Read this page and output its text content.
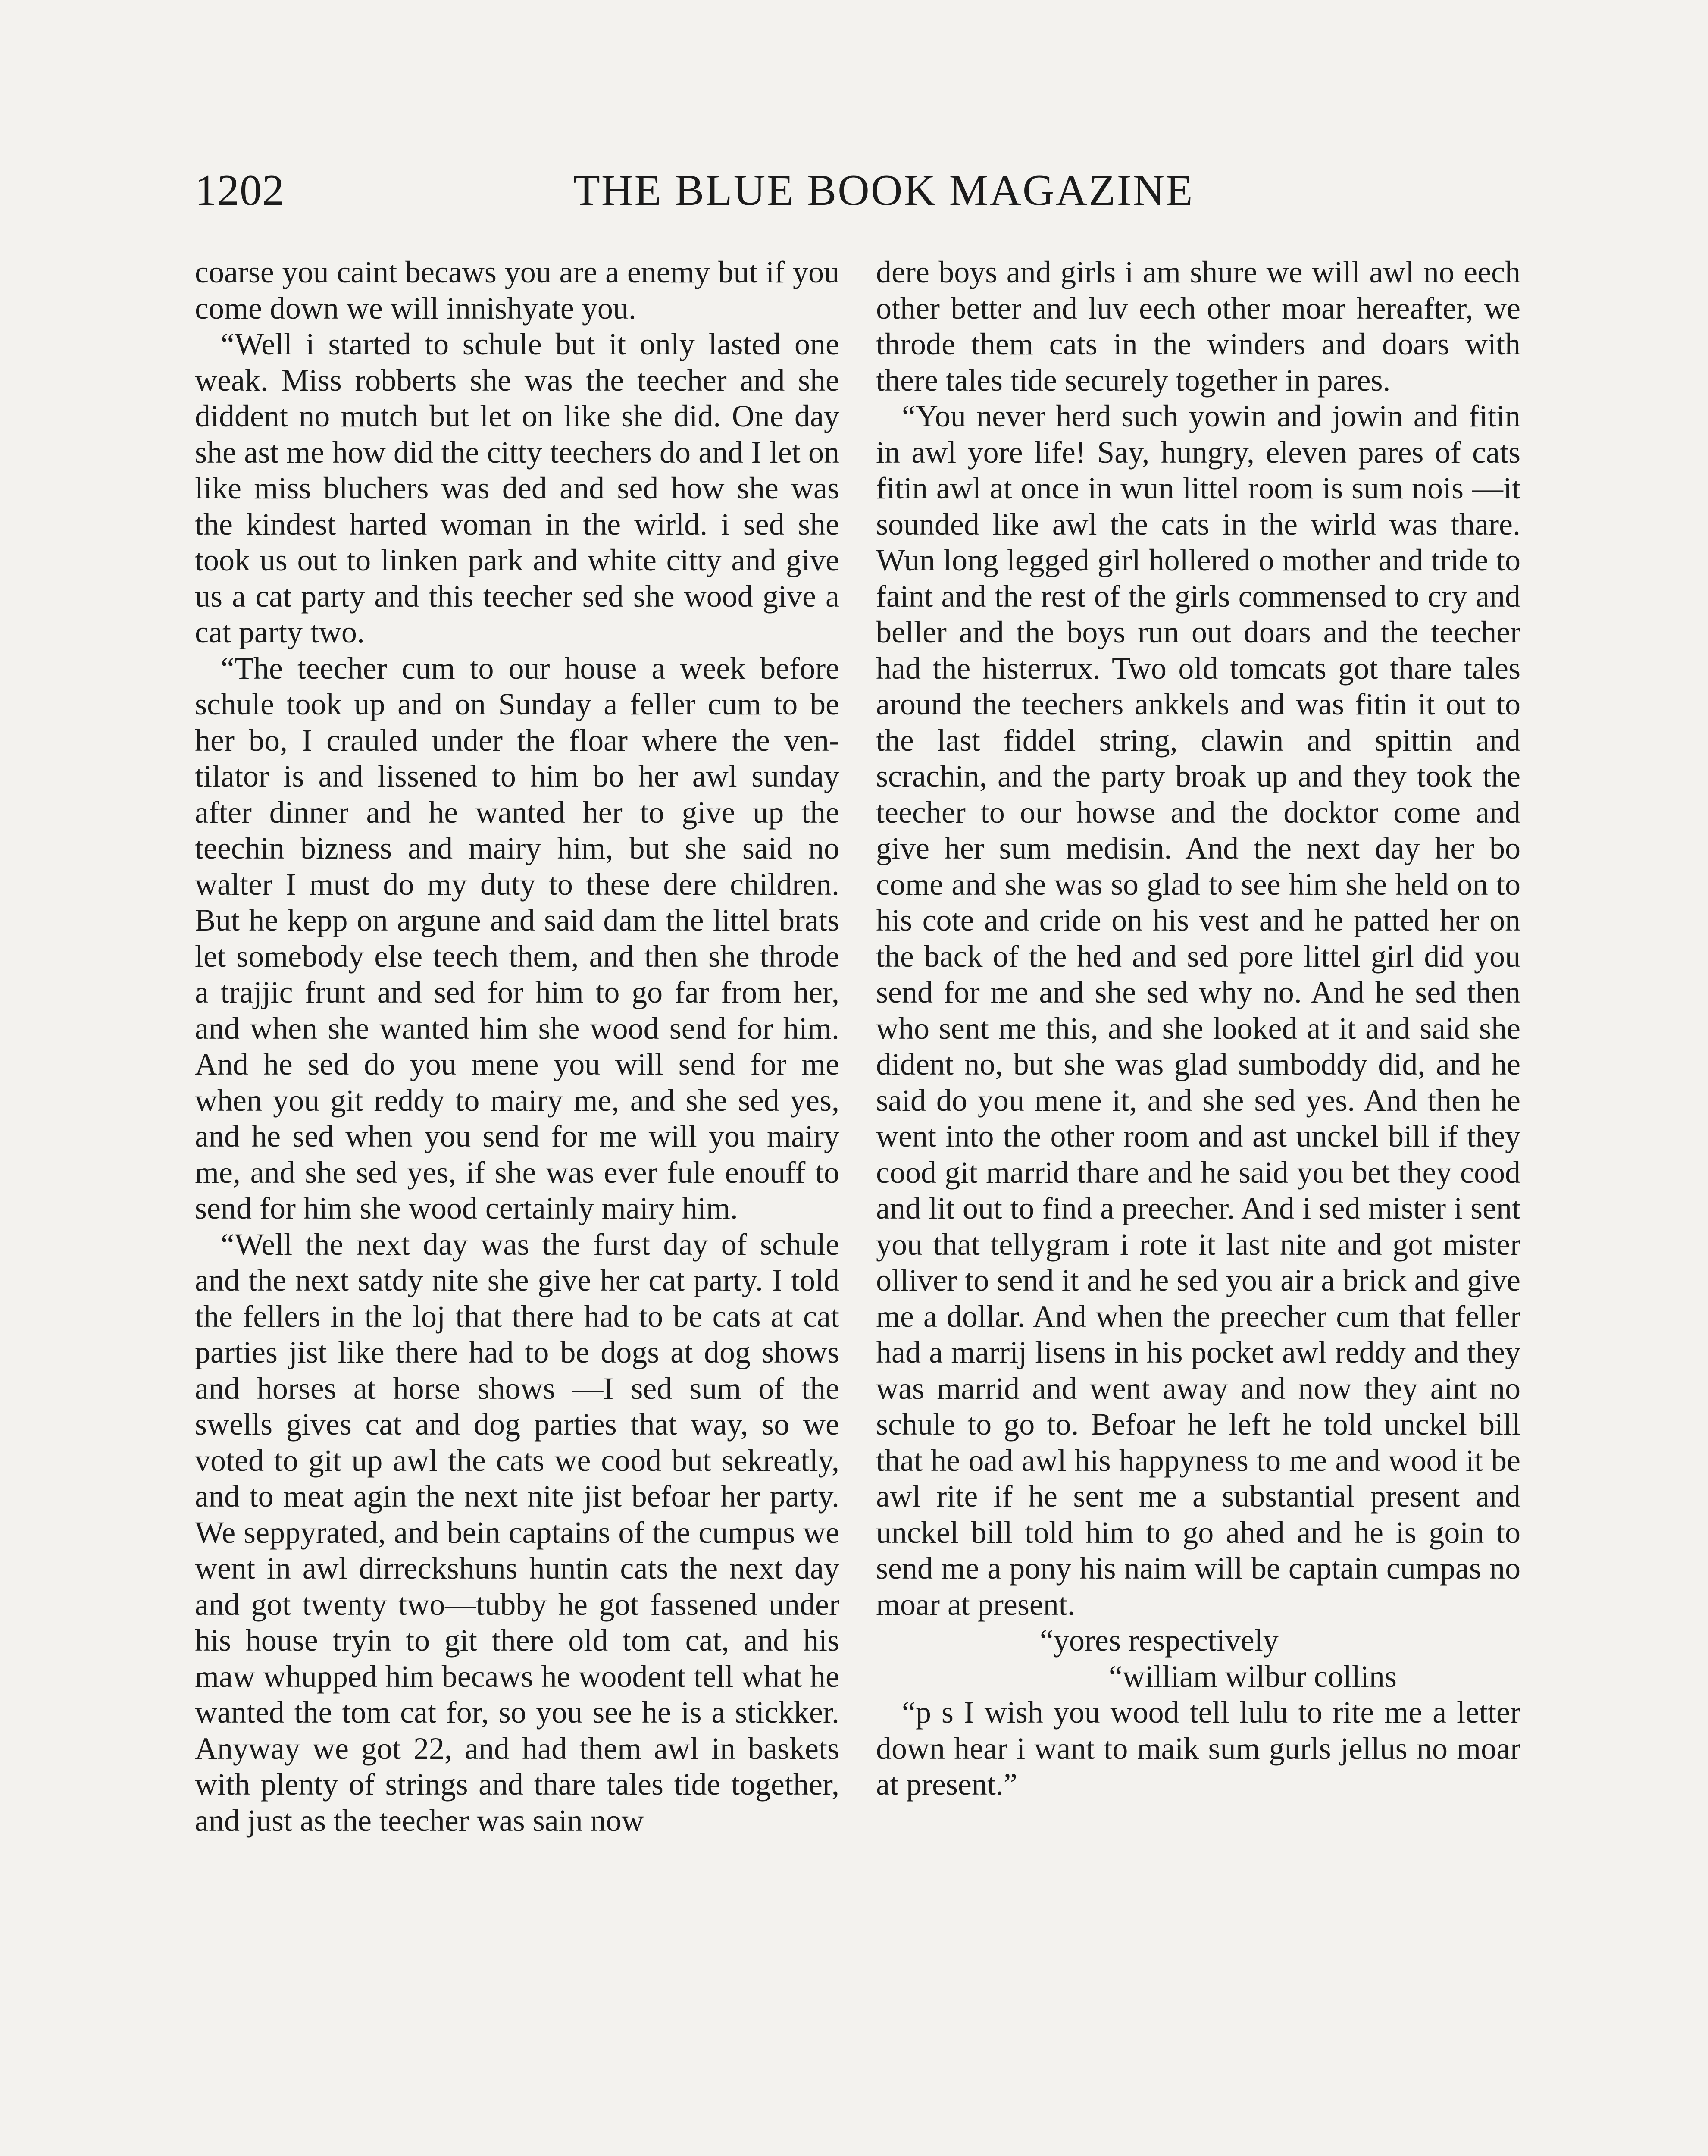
1202	THE BLUE BOOK MAGAZINE

coarse you caint becaws you are a enemy but if you come down we will innishyate you.

“Well i started to schule but it only lasted one weak. Miss robberts she was the teecher and she diddent no mutch but let on like she did. One day she ast me how did the citty teechers do and I let on like miss bluchers was ded and sed how she was the kindest harted woman in the wirld. i sed she took us out to linken park and white citty and give us a cat party and this teecher sed she wood give a cat party two.

“The teecher cum to our house a week before schule took up and on Sunday a feller cum to be her bo, I crauled under the floar where the ventilator is and lissened to him bo her awl sunday after dinner and he wanted her to give up the teechin bizness and mairy him, but she said no walter I must do my duty to these dere children. But he kepp on argune and said dam the littel brats let somebody else teech them, and then she throde a trajjic frunt and sed for him to go far from her, and when she wanted him she wood send for him. And he sed do you mene you will send for me when you git reddy to mairy me, and she sed yes, and he sed when you send for me will you mairy me, and she sed yes, if she was ever fule enouff to send for him she wood certainly mairy him.

“Well the next day was the furst day of schule and the next satdy nite she give her cat party. I told the fellers in the loj that there had to be cats at cat parties jist like there had to be dogs at dog shows and horses at horse shows —I sed sum of the swells gives cat and dog parties that way, so we voted to git up awl the cats we cood but sekreatly, and to meat agin the next nite jist befoar her party. We seppyrated, and bein captains of the cumpus we went in awl dirreckshuns huntin cats the next day and got twenty two—tubby he got fassened under his house tryin to git there old tom cat, and his maw whupped him becaws he woodent tell what he wanted the tom cat for, so you see he is a stickker. Anyway we got 22, and had them awl in baskets with plenty of strings and thare tales tide together, and just as the teecher was sain now

dere boys and girls i am shure we will awl no eech other better and luv eech other moar hereafter, we throde them cats in the winders and doars with there tales tide securely together in pares.

“You never herd such yowin and jowin and fitin in awl yore life! Say, hungry, eleven pares of cats fitin awl at once in wun littel room is sum nois —it sounded like awl the cats in the wirld was thare. Wun long legged girl hollered o mother and tride to faint and the rest of the girls commensed to cry and beller and the boys run out doars and the teecher had the histerrux. Two old tomcats got thare tales around the teechers ankkels and was fitin it out to the last fiddel string, clawin and spittin and scrachin, and the party broak up and they took the teecher to our howse and the docktor come and give her sum medisin. And the next day her bo come and she was so glad to see him she held on to his cote and cride on his vest and he patted her on the back of the hed and sed pore littel girl did you send for me and she sed why no. And he sed then who sent me this, and she looked at it and said she dident no, but she was glad sumboddy did, and he said do you mene it, and she sed yes. And then he went into the other room and ast unckel bill if they cood git marrid thare and he said you bet they cood and lit out to find a preecher. And i sed mister i sent you that tellygram i rote it last nite and got mister olliver to send it and he sed you air a brick and give me a dollar. And when the preecher cum that feller had a marrij lisens in his pocket awl reddy and they was marrid and went away and now they aint no schule to go to. Befoar he left he told unckel bill that he oad awl his happyness to me and wood it be awl rite if he sent me a substantial present and unckel bill told him to go ahed and he is goin to send me a pony his naim will be captain cumpas no moar at present.

“yores respectively

“william wilbur collins

“p s I wish you wood tell lulu to rite me a letter down hear i want to maik sum gurls jellus no moar at present.”
